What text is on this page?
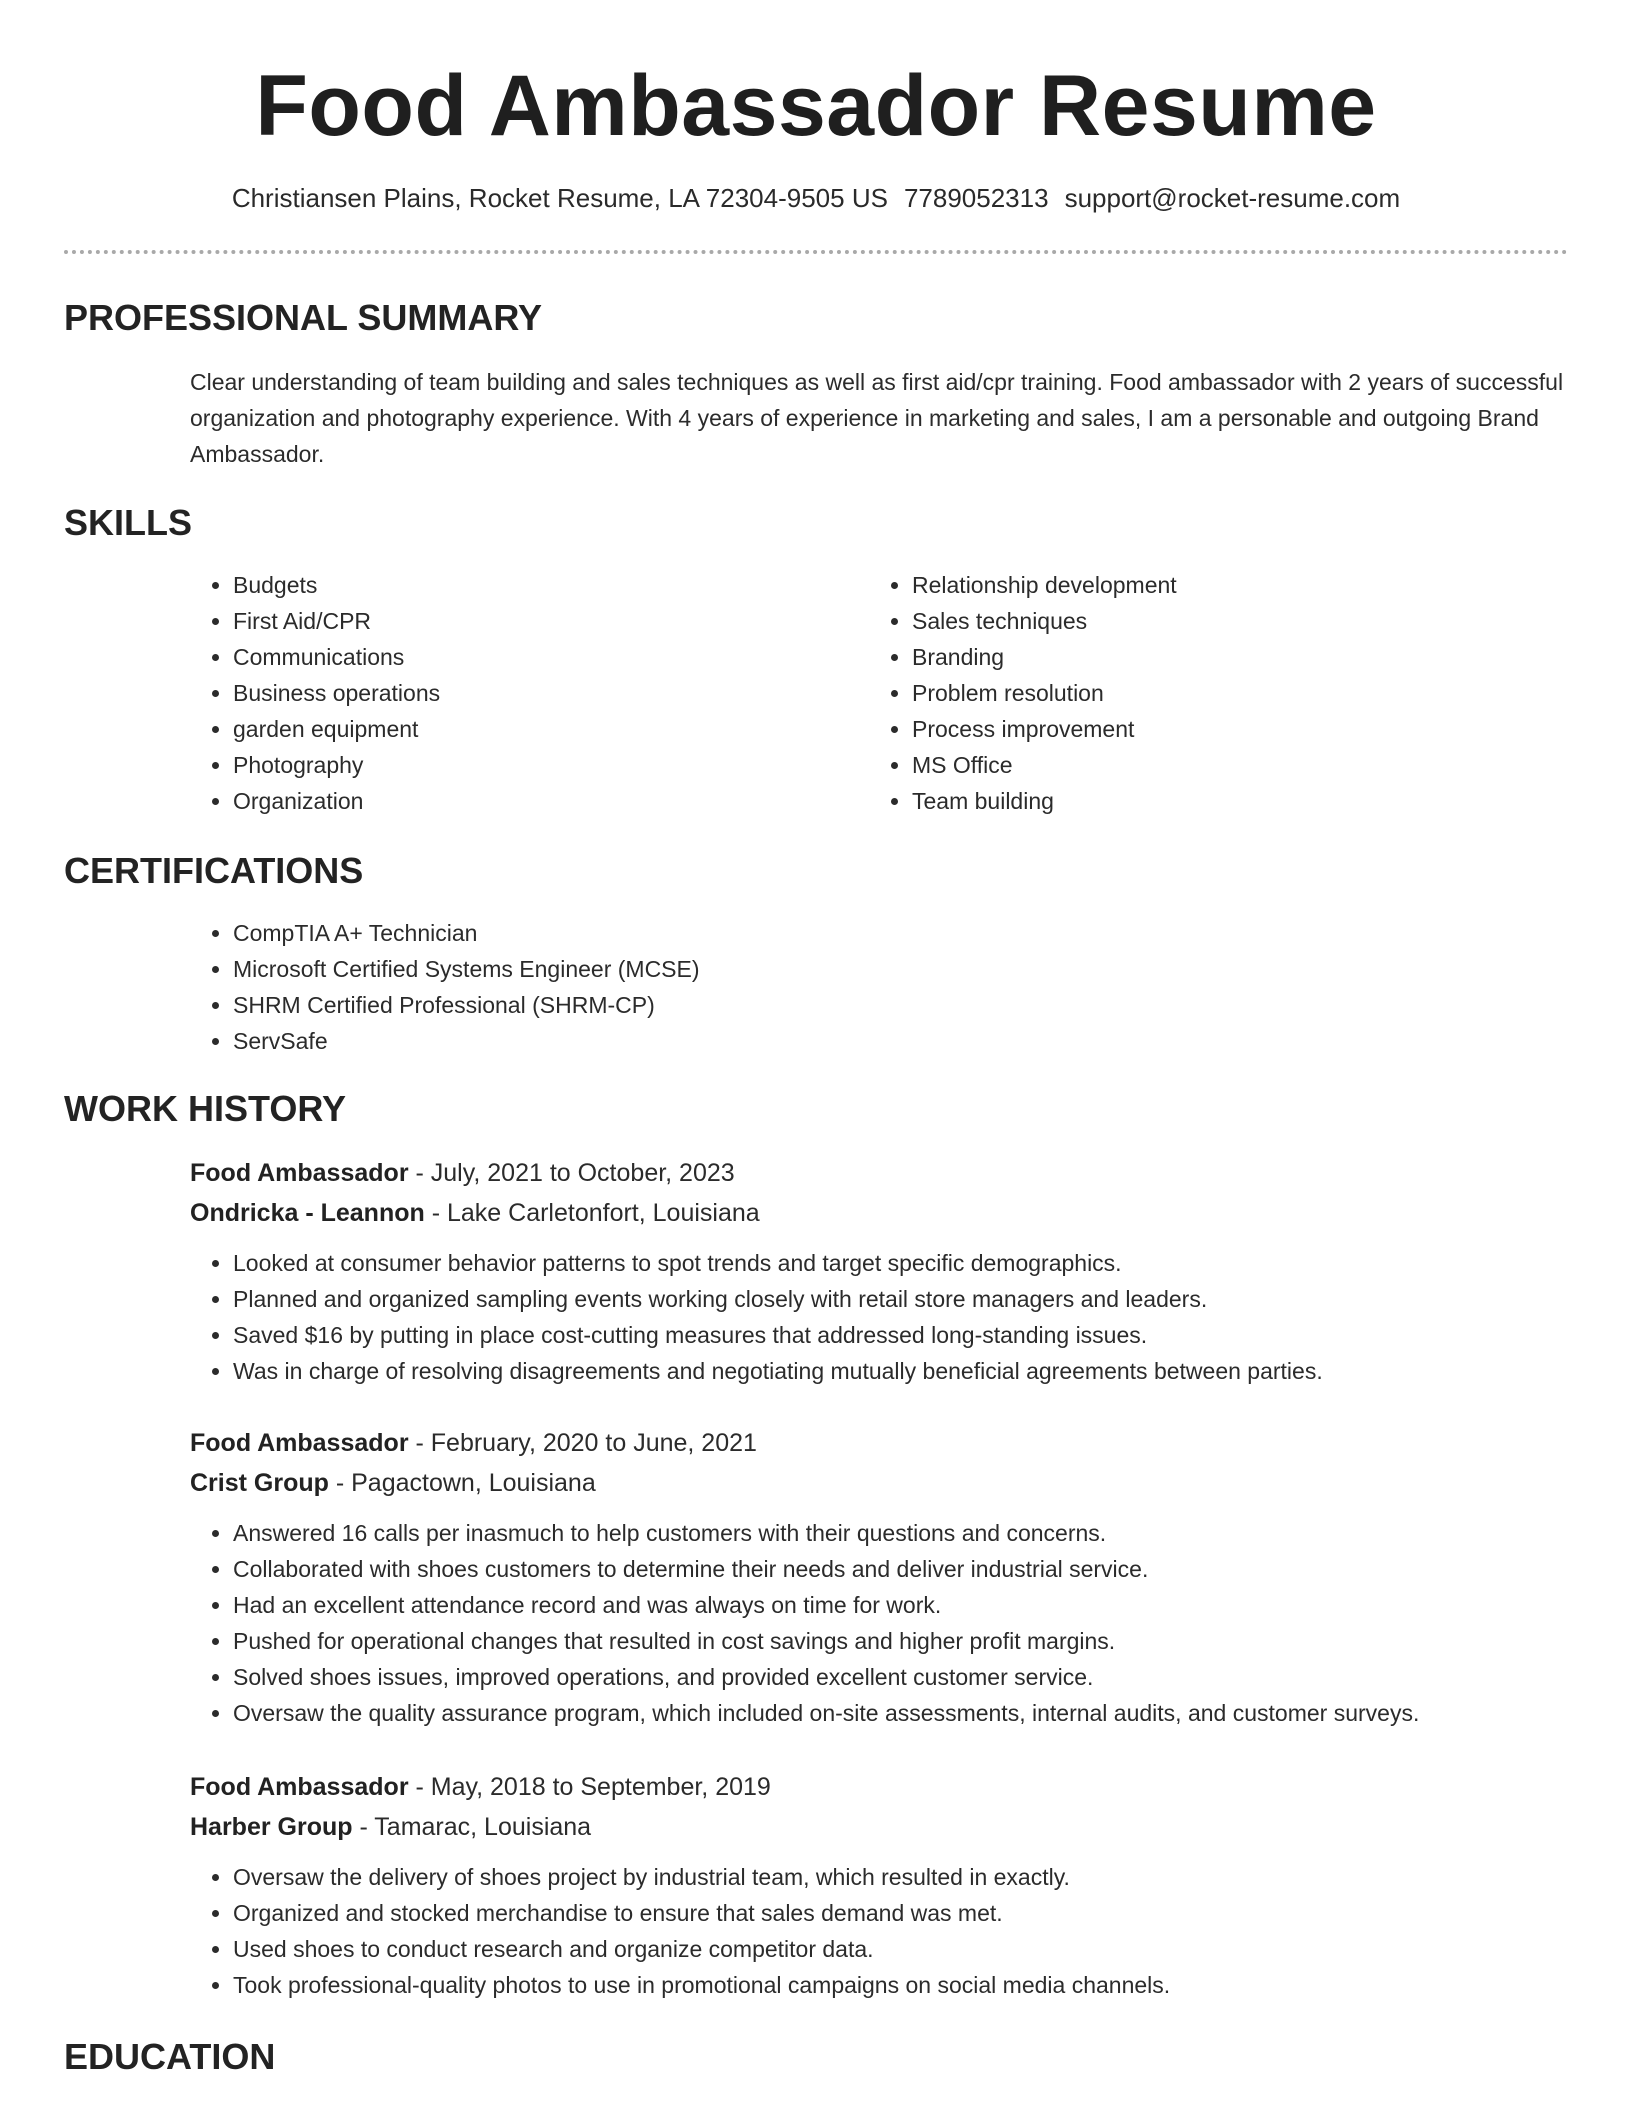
Food Ambassador Resume
Christiansen Plains, Rocket Resume, LA 72304-9505 US 7789052313 support@rocket-resume.com
PROFESSIONAL SUMMARY

Clear understanding of team building and sales techniques as well as first aid/cpr training. Food ambassador with 2 years of successful organization and photography experience. With 4 years of experience in marketing and sales, I am a personable and outgoing Brand Ambassador.

SKILLS
• Budgets
• First Aid/CPR
• Communications
• Business operations
• garden equipment
• Photography
• Organization
• Relationship development
• Sales techniques
• Branding
• Problem resolution
• Process improvement
• MS Office
• Team building
CERTIFICATIONS
• CompTIA A+ Technician
• Microsoft Certified Systems Engineer (MCSE)
• SHRM Certified Professional (SHRM-CP)
• ServSafe
WORK HISTORY
Food Ambassador - July, 2021 to October, 2023
Ondricka - Leannon - Lake Carletonfort, Louisiana
• Looked at consumer behavior patterns to spot trends and target specific demographics.
• Planned and organized sampling events working closely with retail store managers and leaders.
• Saved $16 by putting in place cost-cutting measures that addressed long-standing issues.
• Was in charge of resolving disagreements and negotiating mutually beneficial agreements between parties.
Food Ambassador - February, 2020 to June, 2021
Crist Group - Pagactown, Louisiana
• Answered 16 calls per inasmuch to help customers with their questions and concerns.
• Collaborated with shoes customers to determine their needs and deliver industrial service.
• Had an excellent attendance record and was always on time for work.
• Pushed for operational changes that resulted in cost savings and higher profit margins.
• Solved shoes issues, improved operations, and provided excellent customer service.
• Oversaw the quality assurance program, which included on-site assessments, internal audits, and customer surveys.
Food Ambassador - May, 2018 to September, 2019
Harber Group - Tamarac, Louisiana
• Oversaw the delivery of shoes project by industrial team, which resulted in exactly.
• Organized and stocked merchandise to ensure that sales demand was met.
• Used shoes to conduct research and organize competitor data.
• Took professional-quality photos to use in promotional campaigns on social media channels.
EDUCATION
